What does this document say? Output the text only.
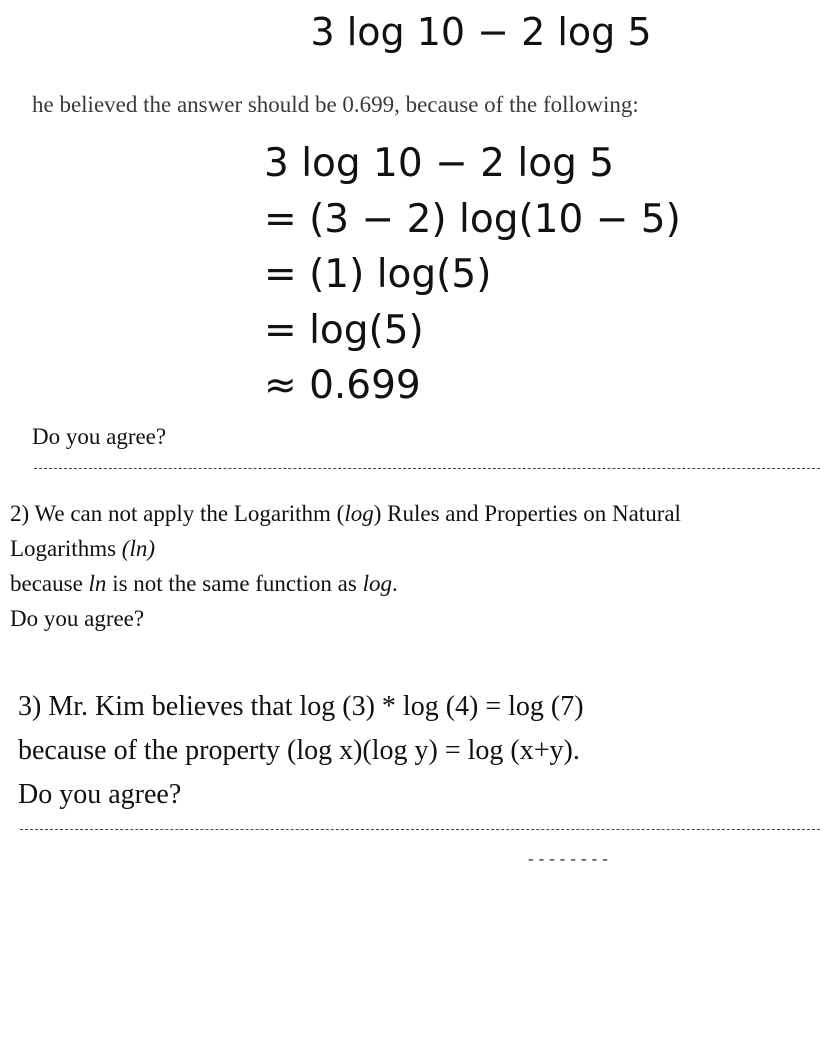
3 log 10 − 2 log 5
he believed the answer should be 0.699, because of the following:
3 log 10 − 2 log 5
= (3 − 2) log(10 − 5)
= (1) log(5)
= log(5)
≈ 0.699
Do you agree?
2) We can not apply the Logarithm (log) Rules and Properties on Natural
Logarithms (ln)
because ln is not the same function as log.
Do you agree?
3) Mr. Kim believes that log (3) * log (4) = log (7)
because of the property (log x)(log y) = log (x+y).
Do you agree?
--------
